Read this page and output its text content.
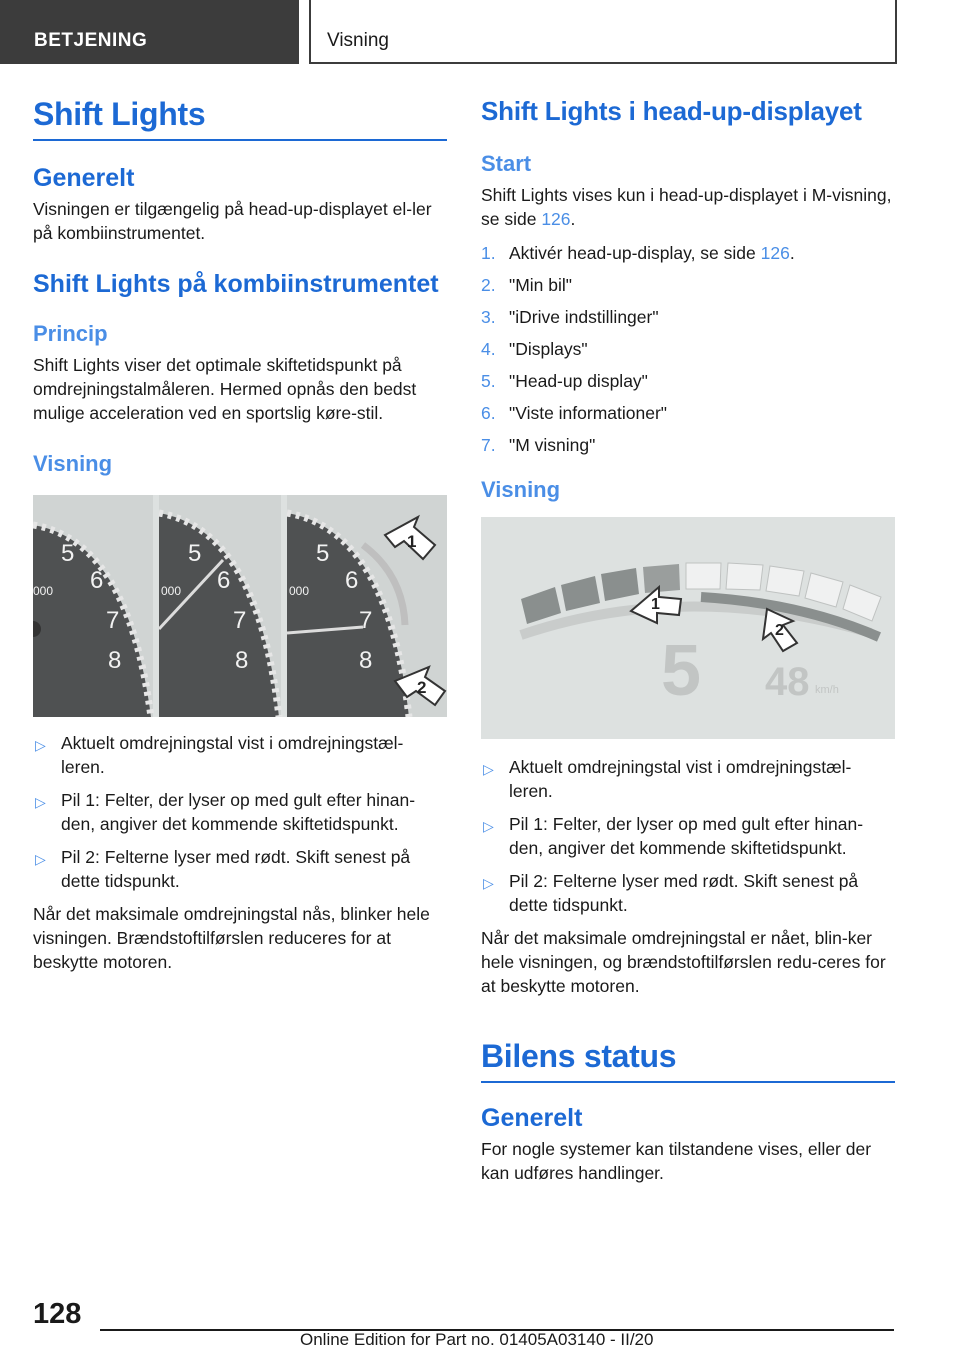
BETJENING	Visning
Shift Lights
Generelt

Visningen er tilgængelig på head-up-displayet el‐ler på kombiinstrumentet.

Shift Lights på kombiinstrumentet
Princip

Shift Lights viser det optimale skiftetidspunkt på omdrejningstalmåleren. Hermed opnås den bedst mulige acceleration ved en sportslig køre‐stil.

Visning
5
6
7
8
000
5
6
7
8
000
5
6
7
8
000
1
2
▷ Aktuelt omdrejningstal vist i omdrejningstæl‐leren.
▷ Pil 1: Felter, der lyser op med gult efter hinan‐den, angiver det kommende skiftetidspunkt.
▷ Pil 2: Felterne lyser med rødt. Skift senest på dette tidspunkt.

Når det maksimale omdrejningstal nås, blinker hele visningen. Brændstoftilførslen reduceres for at beskytte motoren.

Shift Lights i head-up-displayet
Start

Shift Lights vises kun i head-up-displayet i M-visning, se side 126.

1. Aktivér head-up-display, se side 126.
2. "Min bil"
3. "iDrive indstillinger"
4. "Displays"
5. "Head-up display"
6. "Viste informationer"
7. "M visning"
Visning
1
2
5 48 km/h
▷ Aktuelt omdrejningstal vist i omdrejningstæl‐leren.
▷ Pil 1: Felter, der lyser op med gult efter hinan‐den, angiver det kommende skiftetidspunkt.
▷ Pil 2: Felterne lyser med rødt. Skift senest på dette tidspunkt.

Når det maksimale omdrejningstal er nået, blin‐ker hele visningen, og brændstoftilførslen redu‐ceres for at beskytte motoren.

Bilens status
Generelt

For nogle systemer kan tilstandene vises, eller der kan udføres handlinger.

128
Online Edition for Part no. 01405A03140 - II/20
